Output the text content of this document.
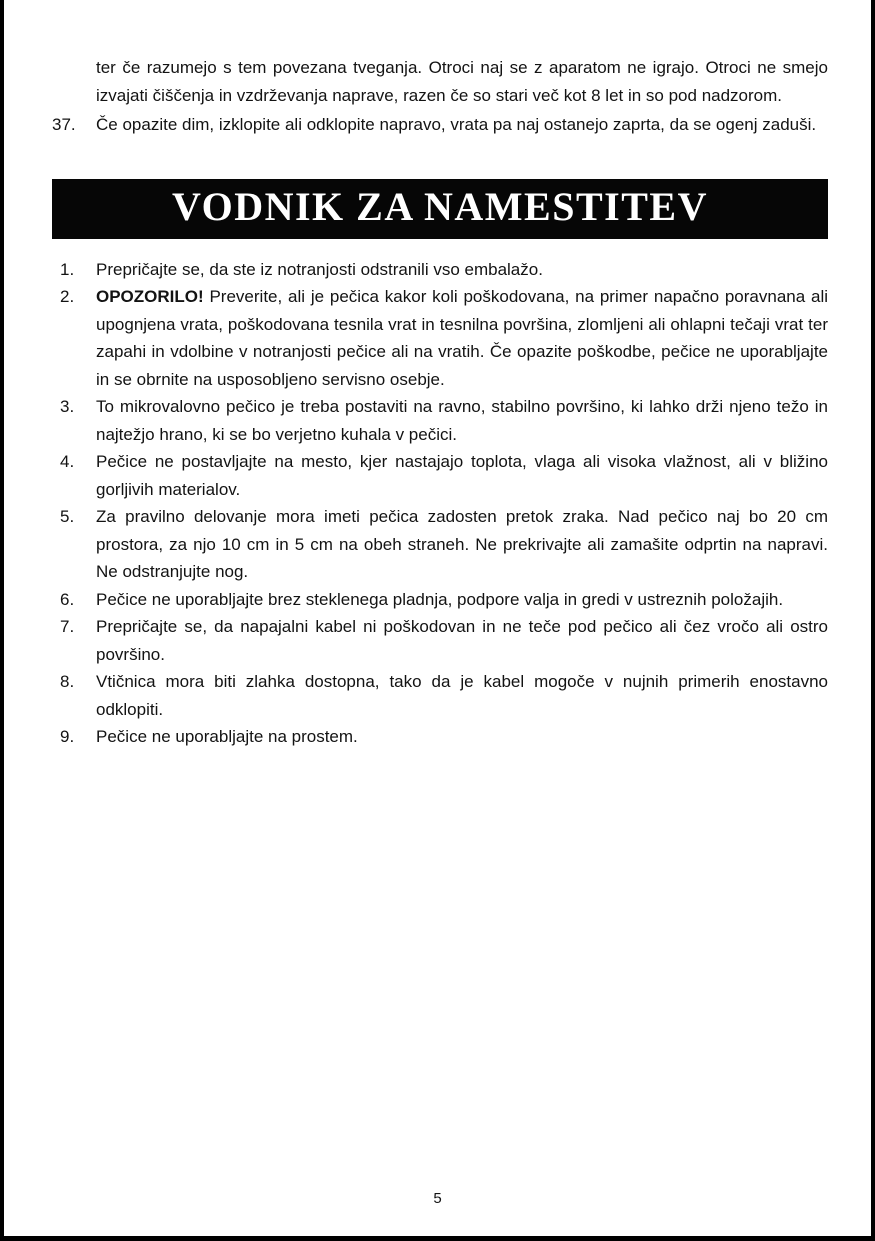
ter če razumejo s tem povezana tveganja. Otroci naj se z aparatom ne igrajo. Otroci ne smejo izvajati čiščenja in vzdrževanja naprave, razen če so stari več kot 8 let in so pod nadzorom.
37.	Če opazite dim, izklopite ali odklopite napravo, vrata pa naj ostanejo zaprta, da se ogenj zaduši.
VODNIK ZA NAMESTITEV
1.	Prepričajte se, da ste iz notranjosti odstranili vso embalažo.
2.	OPOZORILO! Preverite, ali je pečica kakor koli poškodovana, na primer napačno poravnana ali upognjena vrata, poškodovana tesnila vrat in tesnilna površina, zlomljeni ali ohlapni tečaji vrat ter zapahi in vdolbine v notranjosti pečice ali na vratih. Če opazite poškodbe, pečice ne uporabljajte in se obrnite na usposobljeno servisno osebje.
3.	To mikrovalovno pečico je treba postaviti na ravno, stabilno površino, ki lahko drži njeno težo in najtežjo hrano, ki se bo verjetno kuhala v pečici.
4.	Pečice ne postavljajte na mesto, kjer nastajajo toplota, vlaga ali visoka vlažnost, ali v bližino gorljivih materialov.
5.	Za pravilno delovanje mora imeti pečica zadosten pretok zraka. Nad pečico naj bo 20 cm prostora, za njo 10 cm in 5 cm na obeh straneh. Ne prekrivajte ali zamašite odprtin na napravi. Ne odstranjujte nog.
6.	Pečice ne uporabljajte brez steklenega pladnja, podpore valja in gredi v ustreznih položajih.
7.	Prepričajte se, da napajalni kabel ni poškodovan in ne teče pod pečico ali čez vročo ali ostro površino.
8.	Vtičnica mora biti zlahka dostopna, tako da je kabel mogoče v nujnih primerih enostavno odklopiti.
9.	Pečice ne uporabljajte na prostem.
5
